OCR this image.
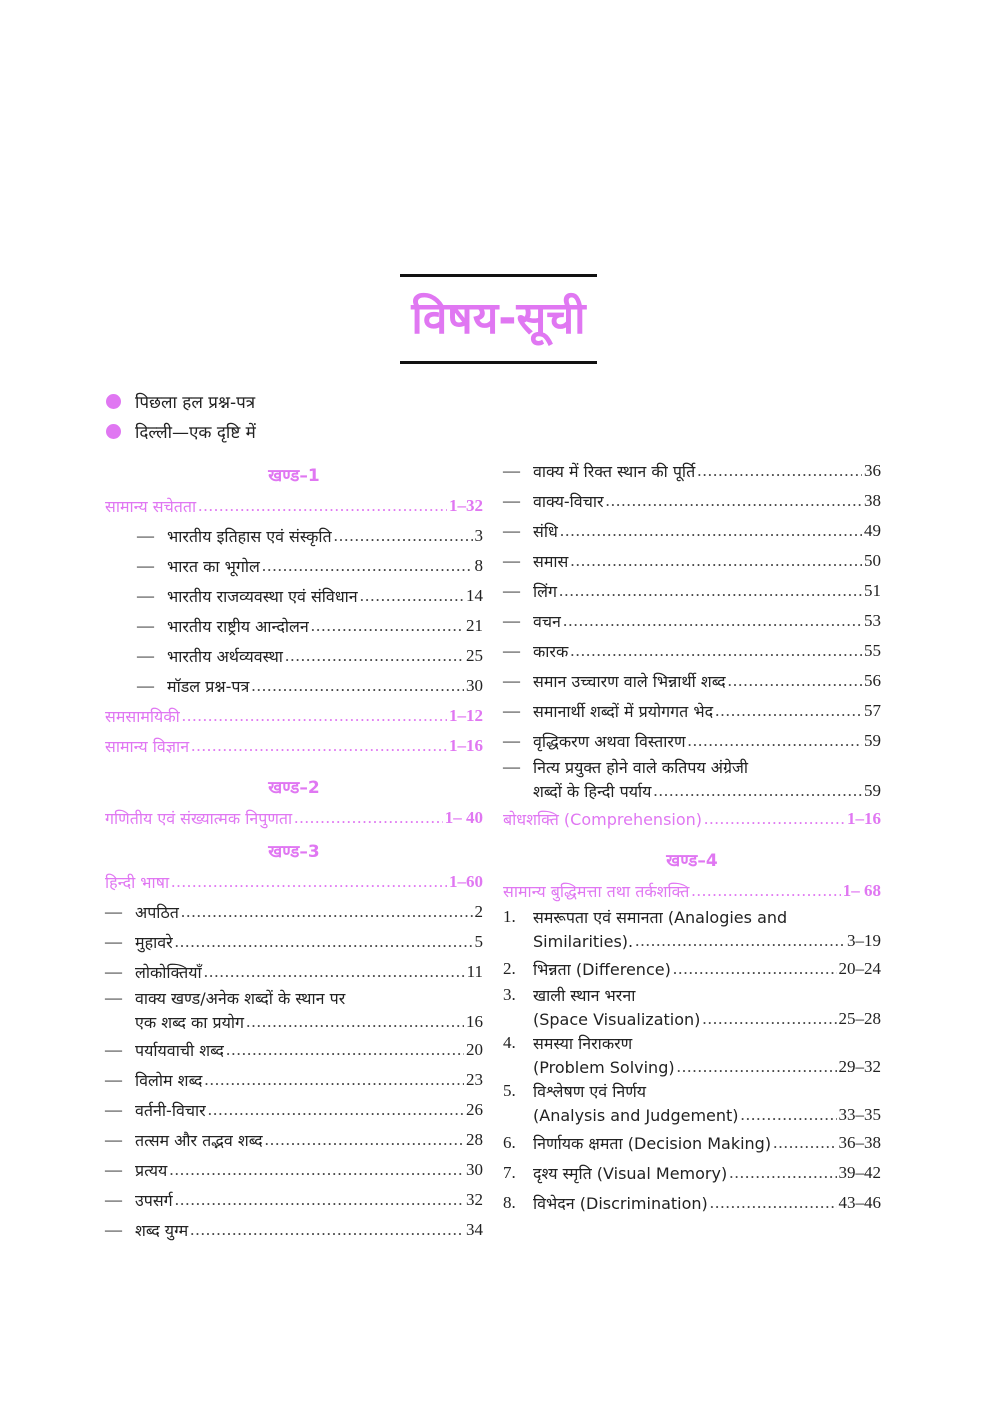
विषय-सूची
पिछला हल प्रश्न-पत्र
दिल्ली—एक दृष्टि में
खण्ड–1
सामान्य सचेतता .....	1–32
— भारतीय इतिहास एवं संस्कृति .....	3
— भारत का भूगोल .....	8
— भारतीय राजव्यवस्था एवं संविधान .....	14
— भारतीय राष्ट्रीय आन्दोलन .....	21
— भारतीय अर्थव्यवस्था .....	25
— मॉडल प्रश्न-पत्र .....	30
समसामयिकी .....	1–12
सामान्य विज्ञान .....	1–16
खण्ड–2
गणितीय एवं संख्यात्मक निपुणता .....	1– 40
खण्ड–3
हिन्दी भाषा .....	1–60
— अपठित .....	2
— मुहावरे .....	5
— लोकोक्तियाँ .....	11
— वाक्य खण्ड/अनेक शब्दों के स्थान पर
एक शब्द का प्रयोग .....	16
— पर्यायवाची शब्द .....	20
— विलोम शब्द .....	23
— वर्तनी-विचार .....	26
— तत्सम और तद्भव शब्द .....	28
— प्रत्यय .....	30
— उपसर्ग .....	32
— शब्द युग्म .....	34
— वाक्य में रिक्त स्थान की पूर्ति .....	36
— वाक्य-विचार .....	38
— संधि .....	49
— समास .....	50
— लिंग .....	51
— वचन .....	53
— कारक .....	55
— समान उच्चारण वाले भिन्नार्थी शब्द .....	56
— समानार्थी शब्दों में प्रयोगगत भेद .....	57
— वृद्धिकरण अथवा विस्तारण .....	59
— नित्य प्रयुक्त होने वाले कतिपय अंग्रेजी
शब्दों के हिन्दी पर्याय .....	59
बोधशक्ति (Comprehension) .....	1–16
खण्ड–4
सामान्य बुद्धिमत्ता तथा तर्कशक्ति .....	1– 68
1.	समरूपता एवं समानता (Analogies and
Similarities). .....	3–19
2.	भिन्नता (Difference) .....	20–24
3.	खाली स्थान भरना
(Space Visualization) .....	25–28
4.	समस्या निराकरण
(Problem Solving) .....	29–32
5.	विश्लेषण एवं निर्णय
(Analysis and Judgement) .....	33–35
6.	निर्णायक क्षमता (Decision Making) .....	36–38
7.	दृश्य स्मृति (Visual Memory) .....	39–42
8.	विभेदन (Discrimination) .....	43–46
